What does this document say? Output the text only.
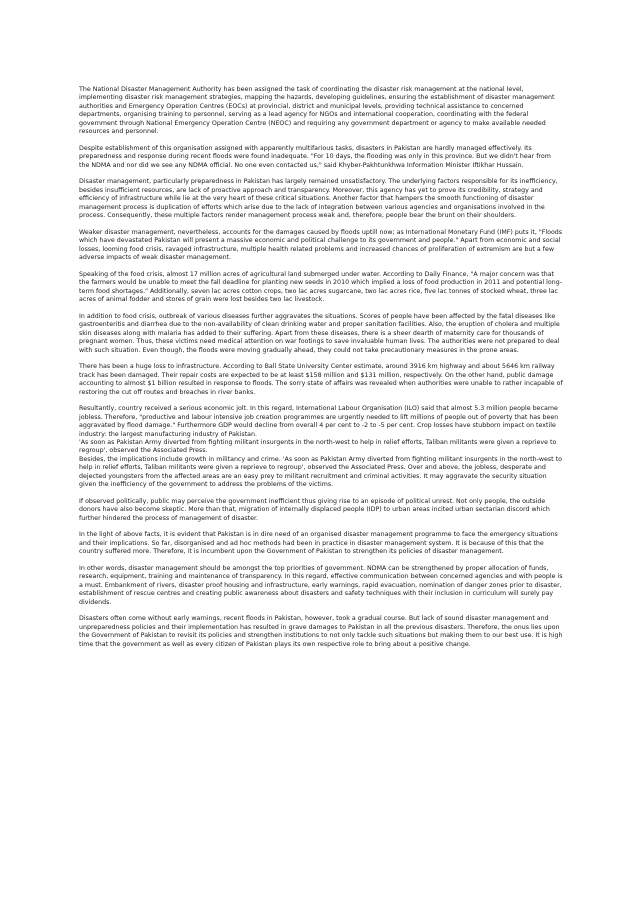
The National Disaster Management Authority has been assigned the task of coordinating the disaster risk management at the national level, implementing disaster risk management strategies, mapping the hazards, developing guidelines, ensuring the establishment of disaster management authorities and Emergency Operation Centres (EOCs) at provincial, district and municipal levels, providing technical assistance to concerned departments, organising training to personnel, serving as a lead agency for NGOs and international cooperation, coordinating with the federal government through National Emergency Operation Centre (NEOC) and requiring any government department or agency to make available needed resources and personnel.

Despite establishment of this organisation assigned with apparently multifarious tasks, disasters in Pakistan are hardly managed effectively. Its preparedness and response during recent floods were found inadequate. "For 10 days, the flooding was only in this province. But we didn't hear from the NDMA and nor did we see any NDMA official. No one even contacted us," said Khyber-Pakhtunkhwa Information Minister Iftikhar Hussain.

Disaster management, particularly preparedness in Pakistan has largely remained unsatisfactory. The underlying factors responsible for its inefficiency, besides insufficient resources, are lack of proactive approach and transparency. Moreover, this agency has yet to prove its credibility, strategy and efficiency of infrastructure while lie at the very heart of these critical situations. Another factor that hampers the smooth functioning of disaster management process is duplication of efforts which arise due to the lack of integration between various agencies and organisations involved in the process. Consequently, these multiple factors render management process weak and, therefore, people bear the brunt on their shoulders.

Weaker disaster management, nevertheless, accounts for the damages caused by floods uptill now; as International Monetary Fund (IMF) puts it, "Floods which have devastated Pakistan will present a massive economic and political challenge to its government and people." Apart from economic and social losses, looming food crisis, ravaged infrastructure, multiple health related problems and increased chances of proliferation of extremism are but a few adverse impacts of weak disaster management.

Speaking of the food crisis, almost 17 million acres of agricultural land submerged under water. According to Daily Finance, "A major concern was that the farmers would be unable to meet the fall deadline for planting new seeds in 2010 which implied a loss of food production in 2011 and potential long-term food shortages." Additionally, seven lac acres cotton crops, two lac acres sugarcane, two lac acres rice, five lac tonnes of stocked wheat, three lac acres of animal fodder and stores of grain were lost besides two lac livestock.

In addition to food crisis, outbreak of various diseases further aggravates the situations. Scores of people have been affected by the fatal diseases like gastroenteritis and diarrhea due to the non-availability of clean drinking water and proper sanitation facilities. Also, the eruption of cholera and multiple skin diseases along with malaria has added to their suffering. Apart from these diseases, there is a sheer dearth of maternity care for thousands of pregnant women. Thus, these victims need medical attention on war footings to save invaluable human lives. The authorities were not prepared to deal with such situation. Even though, the floods were moving gradually ahead, they could not take precautionary measures in the prone areas.

There has been a huge loss to infrastructure. According to Ball State University Center estimate, around 3916 km highway and about 5646 km railway track has been damaged. Their repair costs are expected to be at least $158 million and $131 million, respectively. On the other hand, public damage accounting to almost $1 billion resulted in response to floods. The sorry state of affairs was revealed when authorities were unable to rather incapable of restoring the cut off routes and breaches in river banks.

Resultantly, country received a serious economic jolt. In this regard, International Labour Organisation (ILO) said that almost 5.3 million people became jobless. Therefore, "productive and labour intensive job creation programmes are urgently needed to lift millions of people out of poverty that has been aggravated by flood damage." Furthermore GDP would decline from overall 4 per cent to -2 to -5 per cent. Crop losses have stubborn impact on textile industry: the largest manufacturing industry of Pakistan.
'As soon as Pakistan Army diverted from fighting militant insurgents in the north-west to help in relief efforts, Taliban militants were given a reprieve to regroup', observed the Associated Press.
Besides, the implications include growth in militancy and crime. 'As soon as Pakistan Army diverted from fighting militant insurgents in the north-west to help in relief efforts, Taliban militants were given a reprieve to regroup', observed the Associated Press. Over and above, the jobless, desperate and dejected youngsters from the affected areas are an easy prey to militant recruitment and criminal activities. It may aggravate the security situation given the inefficiency of the government to address the problems of the victims.

If observed politically, public may perceive the government inefficient thus giving rise to an episode of political unrest. Not only people, the outside donors have also become skeptic. More than that, migration of internally displaced people (IDP) to urban areas incited urban sectarian discord which further hindered the process of management of disaster.

In the light of above facts, it is evident that Pakistan is in dire need of an organised disaster management programme to face the emergency situations and their implications. So far, disorganised and ad hoc methods had been in practice in disaster management system. It is because of this that the country suffered more. Therefore, it is incumbent upon the Government of Pakistan to strengthen its policies of disaster management.

In other words, disaster management should be amongst the top priorities of government. NDMA can be strengthened by proper allocation of funds, research, equipment, training and maintenance of transparency. In this regard, effective communication between concerned agencies and with people is a must. Embankment of rivers, disaster proof housing and infrastructure, early warnings, rapid evacuation, nomination of danger zones prior to disaster, establishment of rescue centres and creating public awareness about disasters and safety techniques with their inclusion in curriculum will surely pay dividends.

Disasters often come without early warnings, recent floods in Pakistan, however, took a gradual course. But lack of sound disaster management and unpreparedness policies and their implementation has resulted in grave damages to Pakistan in all the previous disasters. Therefore, the onus lies upon the Government of Pakistan to revisit its policies and strengthen institutions to not only tackle such situations but making them to our best use. It is high time that the government as well as every citizen of Pakistan plays its own respective role to bring about a positive change.
